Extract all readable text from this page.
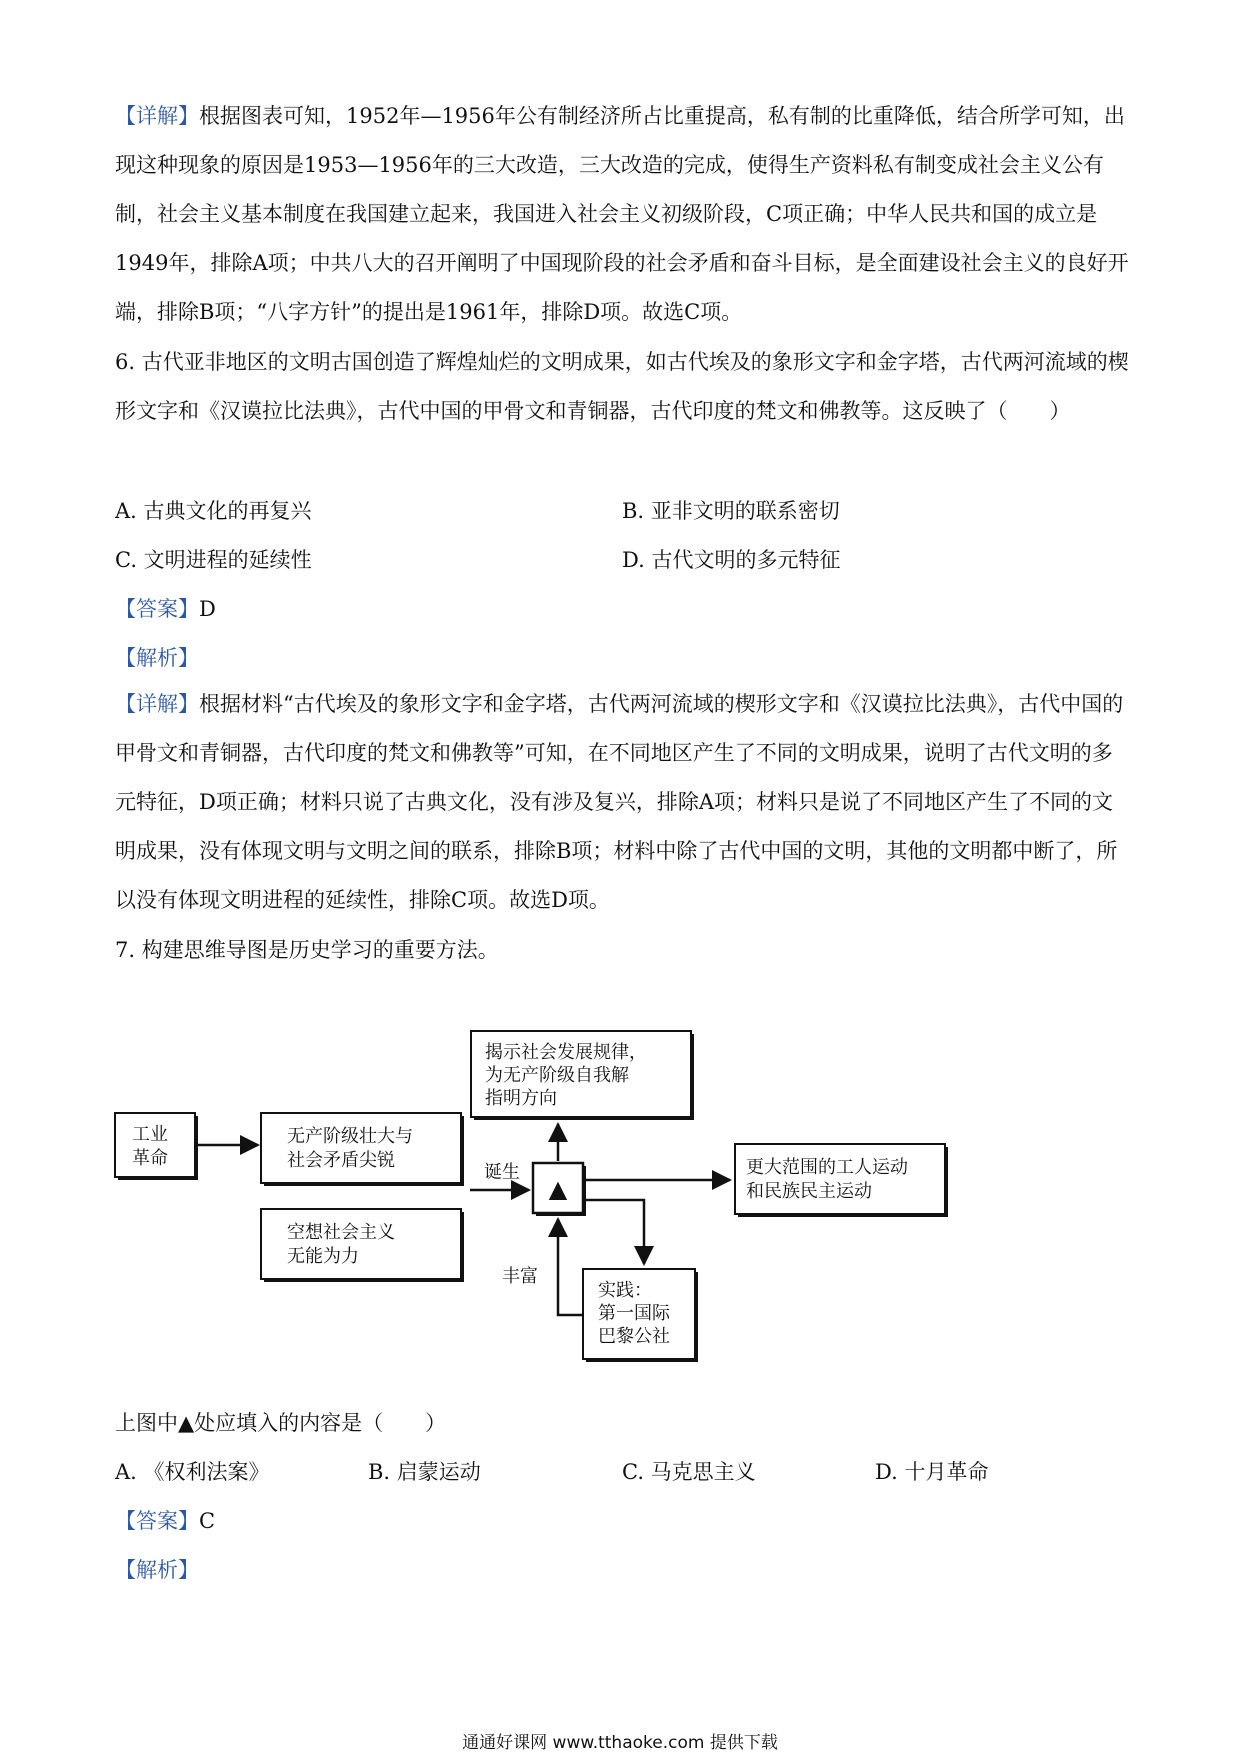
【详解】根据图表可知，1952年—1956年公有制经济所占比重提高，私有制的比重降低，结合所学可知，出现这种现象的原因是1953—1956年的三大改造，三大改造的完成，使得生产资料私有制变成社会主义公有制，社会主义基本制度在我国建立起来，我国进入社会主义初级阶段，C项正确；中华人民共和国的成立是1949年，排除A项；中共八大的召开阐明了中国现阶段的社会矛盾和奋斗目标，是全面建设社会主义的良好开端，排除B项；“八字方针”的提出是1961年，排除D项。故选C项。

6. 古代亚非地区的文明古国创造了辉煌灿烂的文明成果，如古代埃及的象形文字和金字塔，古代两河流域的楔形文字和《汉谟拉比法典》，古代中国的甲骨文和青铜器，古代印度的梵文和佛教等。这反映了（　　）

A. 古典文化的再复兴	B. 亚非文明的联系密切
C. 文明进程的延续性	D. 古代文明的多元特征
【答案】D
【解析】

【详解】根据材料“古代埃及的象形文字和金字塔，古代两河流域的楔形文字和《汉谟拉比法典》，古代中国的甲骨文和青铜器，古代印度的梵文和佛教等”可知，在不同地区产生了不同的文明成果，说明了古代文明的多元特征，D项正确；材料只说了古典文化，没有涉及复兴，排除A项；材料只是说了不同地区产生了不同的文明成果，没有体现文明与文明之间的联系，排除B项；材料中除了古代中国的文明，其他的文明都中断了，所以没有体现文明进程的延续性，排除C项。故选D项。

7. 构建思维导图是历史学习的重要方法。
工业
革命
无产阶级壮大与
社会矛盾尖锐
空想社会主义
无能为力
揭示社会发展规律，
为无产阶级自我解
指明方向
▲
更大范围的工人运动
和民族民主运动
实践：
第一国际
巴黎公社
诞生
丰富
上图中▲处应填入的内容是（　　）
A. 《权利法案》	B. 启蒙运动	C. 马克思主义	D. 十月革命
【答案】C
【解析】
通通好课网 www.tthaoke.com 提供下载
